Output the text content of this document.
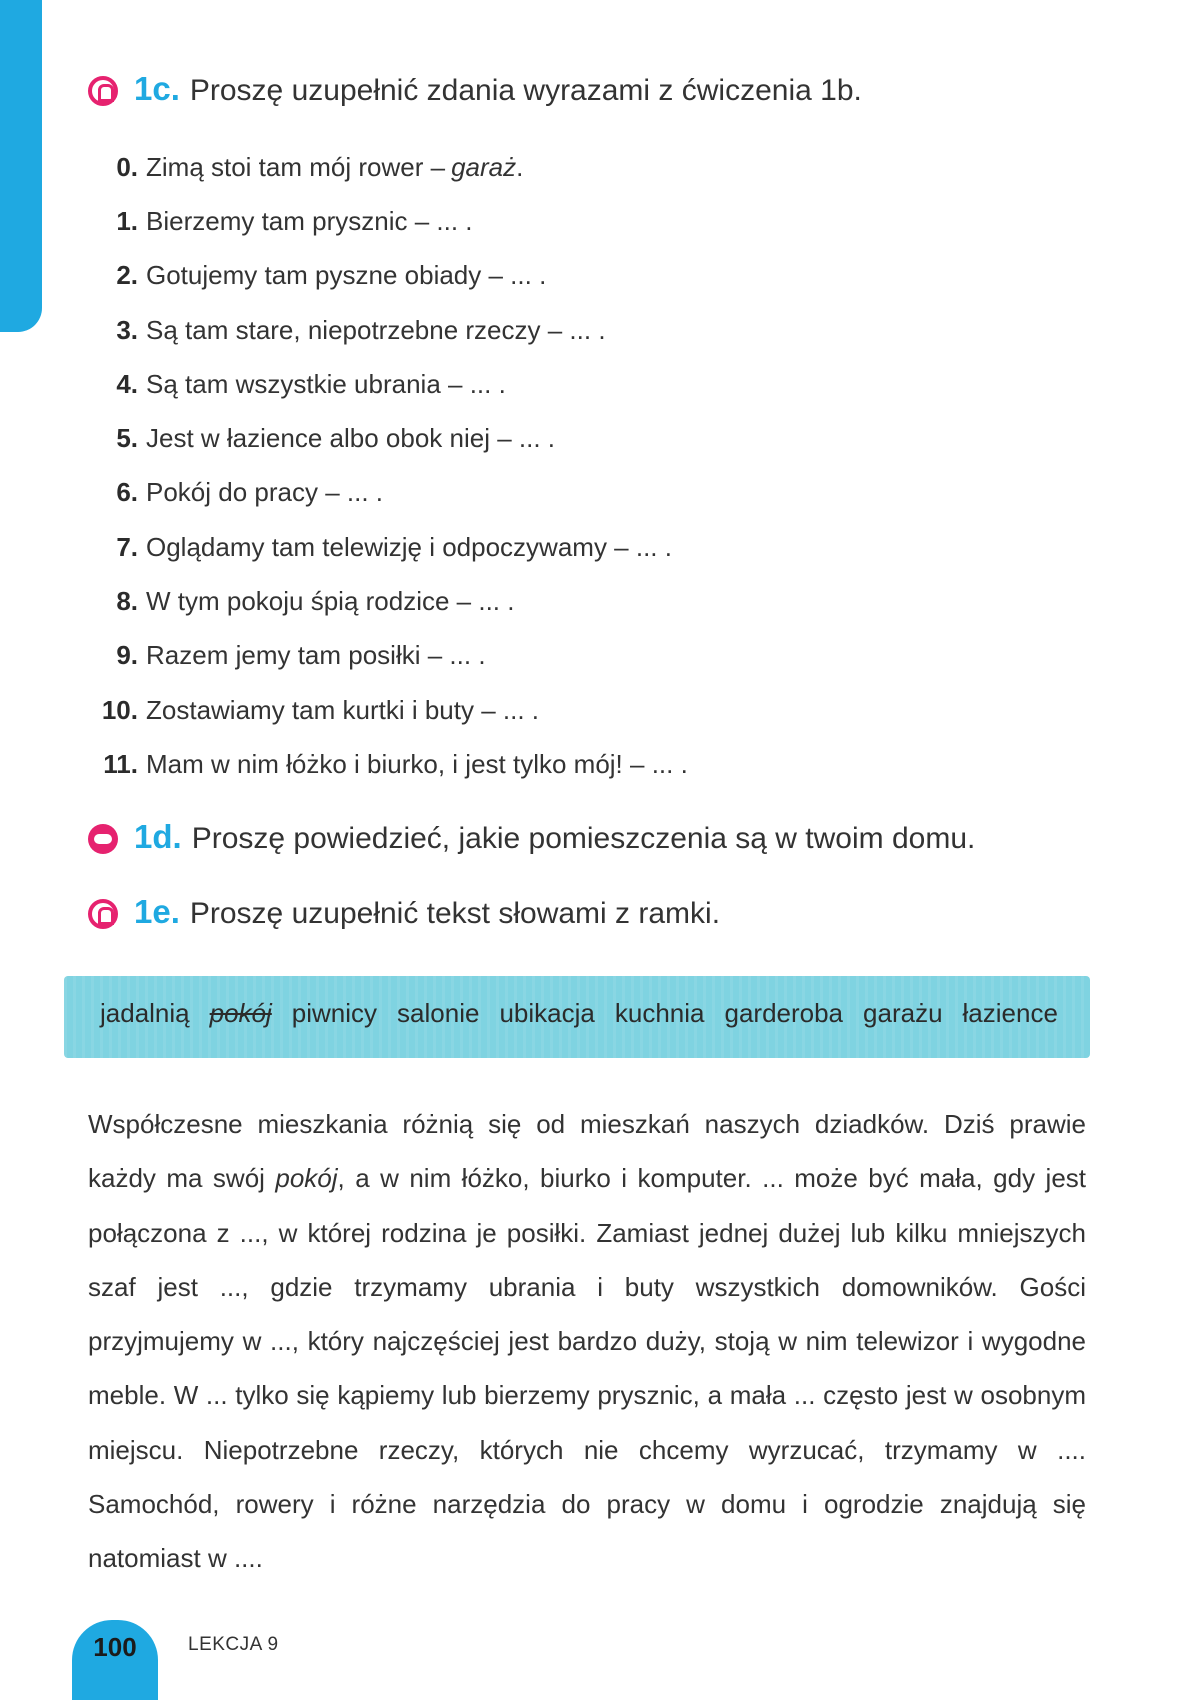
1c. Proszę uzupełnić zdania wyrazami z ćwiczenia 1b.
0. Zimą stoi tam mój rower – garaż .
1. Bierzemy tam prysznic – ... .
2. Gotujemy tam pyszne obiady – ... .
3. Są tam stare, niepotrzebne rzeczy – ... .
4. Są tam wszystkie ubrania – ... .
5. Jest w łazience albo obok niej – ... .
6. Pokój do pracy – ... .
7. Oglądamy tam telewizję i odpoczywamy – ... .
8. W tym pokoju śpią rodzice – ... .
9. Razem jemy tam posiłki – ... .
10. Zostawiamy tam kurtki i buty – ... .
11. Mam w nim łóżko i biurko, i jest tylko mój! – ... .
1d. Proszę powiedzieć, jakie pomieszczenia są w twoim domu.
1e. Proszę uzupełnić tekst słowami z ramki.
jadalnią pokój piwnicy salonie ubikacja kuchnia garderoba garażu łazience
Współczesne mieszkania różnią się od mieszkań naszych dziadków. Dziś prawie każdy ma swój pokój, a w nim łóżko, biurko i komputer. ... może być mała, gdy jest połączona z ..., w której rodzina je posiłki. Zamiast jednej dużej lub kilku mniejszych szaf jest ..., gdzie trzymamy ubrania i buty wszystkich domowników. Gości przyjmujemy w ..., który najczęściej jest bardzo duży, stoją w nim telewizor i wygodne meble. W ... tylko się kąpiemy lub bierzemy prysznic, a mała ... często jest w osobnym miejscu. Niepotrzebne rzeczy, których nie chcemy wyrzucać, trzymamy w .... Samochód, rowery i różne narzędzia do pracy w domu i ogrodzie znajdują się natomiast w ....
100	LEKCJA 9
